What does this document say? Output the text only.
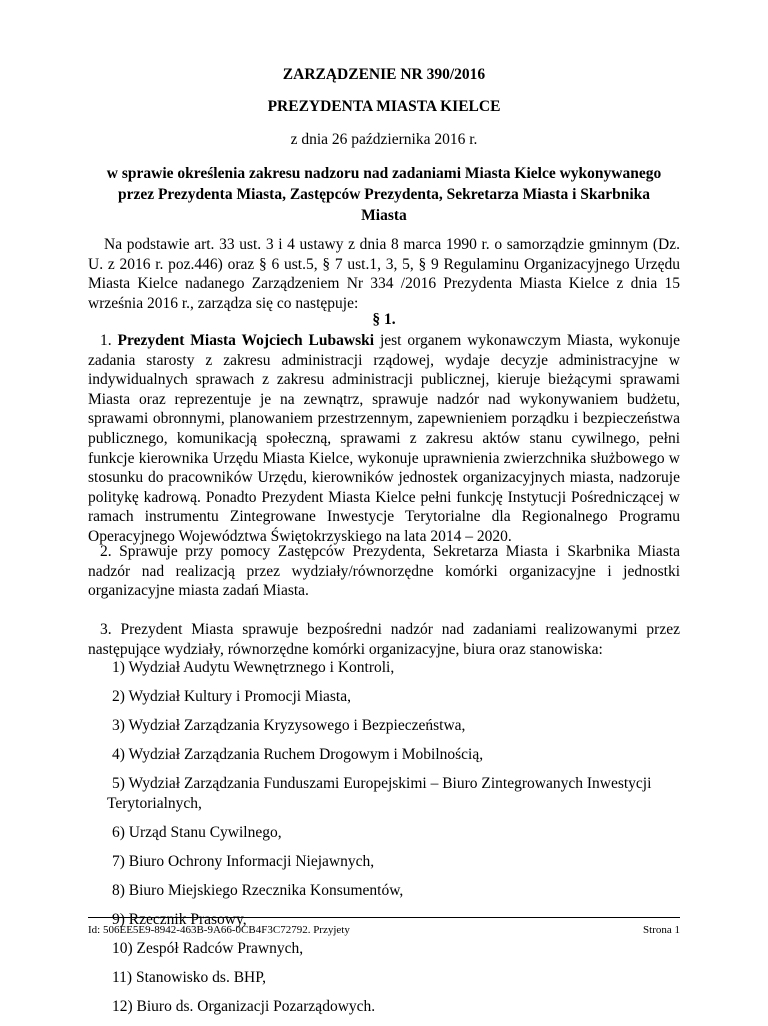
ZARZĄDZENIE NR 390/2016
PREZYDENTA MIASTA KIELCE
z dnia 26 października 2016 r.
w sprawie określenia zakresu nadzoru nad zadaniami Miasta Kielce wykonywanego przez Prezydenta Miasta, Zastępców Prezydenta, Sekretarza Miasta i Skarbnika Miasta
Na podstawie art. 33 ust. 3 i 4 ustawy z dnia 8 marca 1990 r. o samorządzie gminnym (Dz. U. z 2016 r. poz.446) oraz § 6 ust.5, § 7 ust.1, 3, 5, § 9 Regulaminu Organizacyjnego Urzędu Miasta Kielce nadanego Zarządzeniem Nr 334 /2016 Prezydenta Miasta Kielce z dnia 15 września 2016 r., zarządza się co następuje:
§ 1.
1. Prezydent Miasta Wojciech Lubawski jest organem wykonawczym Miasta, wykonuje zadania starosty z zakresu administracji rządowej, wydaje decyzje administracyjne w indywidualnych sprawach z zakresu administracji publicznej, kieruje bieżącymi sprawami Miasta oraz reprezentuje je na zewnątrz, sprawuje nadzór nad wykonywaniem budżetu, sprawami obronnymi, planowaniem przestrzennym, zapewnieniem porządku i bezpieczeństwa publicznego, komunikacją społeczną, sprawami z zakresu aktów stanu cywilnego, pełni funkcje kierownika Urzędu Miasta Kielce, wykonuje uprawnienia zwierzchnika służbowego w stosunku do pracowników Urzędu, kierowników jednostek organizacyjnych miasta, nadzoruje politykę kadrową. Ponadto Prezydent Miasta Kielce pełni funkcję Instytucji Pośredniczącej w ramach instrumentu Zintegrowane Inwestycje Terytorialne dla Regionalnego Programu Operacyjnego Województwa Świętokrzyskiego na lata 2014 – 2020.
2. Sprawuje przy pomocy Zastępców Prezydenta, Sekretarza Miasta i Skarbnika Miasta nadzór nad realizacją przez wydziały/równorzędne komórki organizacyjne i jednostki organizacyjne miasta zadań Miasta.
3. Prezydent Miasta sprawuje bezpośredni nadzór nad zadaniami realizowanymi przez następujące wydziały, równorzędne komórki organizacyjne, biura oraz stanowiska:
1) Wydział Audytu Wewnętrznego i Kontroli,
2) Wydział Kultury i Promocji Miasta,
3) Wydział Zarządzania Kryzysowego i Bezpieczeństwa,
4) Wydział Zarządzania Ruchem Drogowym i Mobilnością,
5) Wydział Zarządzania Funduszami Europejskimi – Biuro Zintegrowanych Inwestycji Terytorialnych,
6) Urząd Stanu Cywilnego,
7) Biuro Ochrony Informacji Niejawnych,
8) Biuro Miejskiego Rzecznika Konsumentów,
9) Rzecznik Prasowy,
10) Zespół Radców Prawnych,
11) Stanowisko ds. BHP,
12) Biuro ds. Organizacji Pozarządowych.
Id: 506EE5E9-8942-463B-9A66-0CB4F3C72792. Przyjety	Strona 1
